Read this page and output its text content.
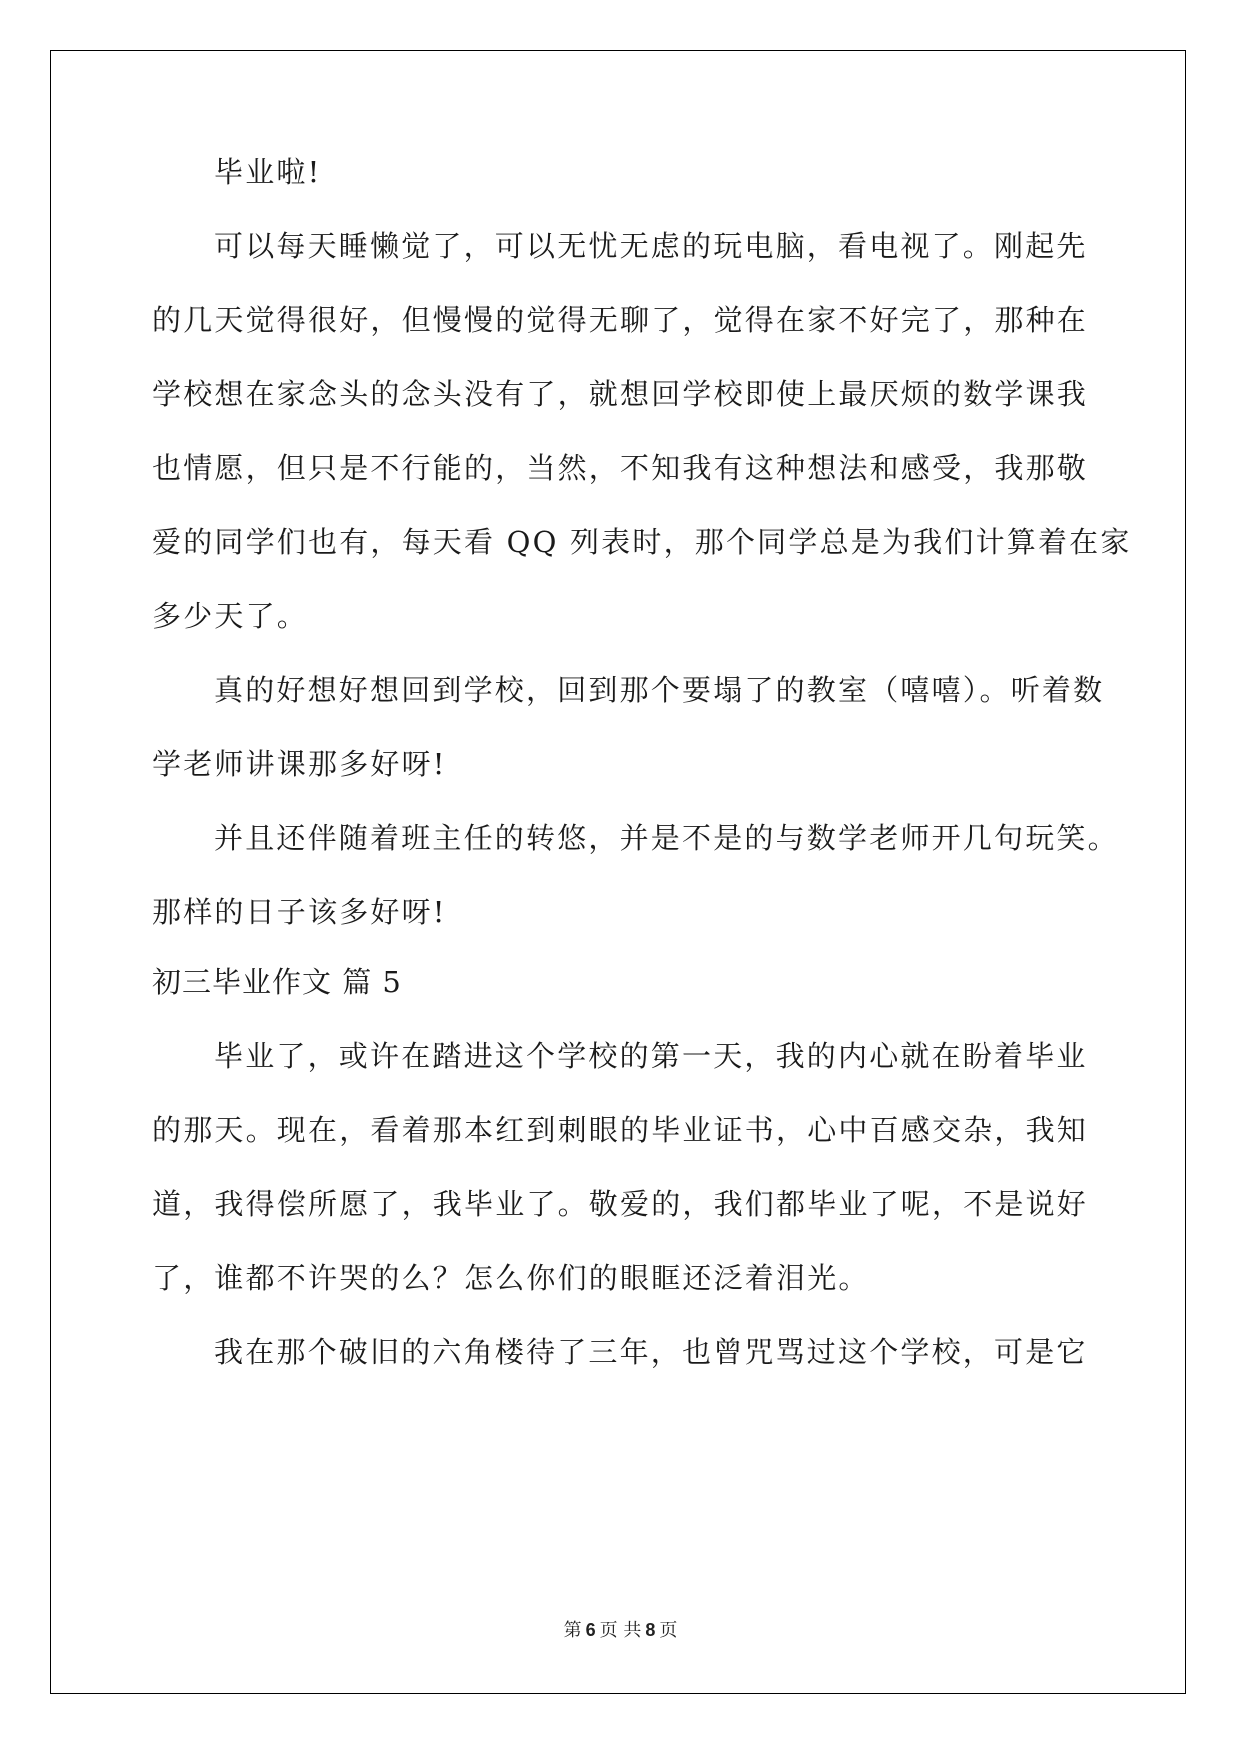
毕业啦!

可以每天睡懒觉了，可以无忧无虑的玩电脑，看电视了。刚起先

的几天觉得很好，但慢慢的觉得无聊了，觉得在家不好完了，那种在

学校想在家念头的念头没有了，就想回学校即使上最厌烦的数学课我

也情愿，但只是不行能的，当然，不知我有这种想法和感受，我那敬

爱的同学们也有，每天看 QQ 列表时，那个同学总是为我们计算着在家

多少天了。

真的好想好想回到学校，回到那个要塌了的教室（嘻嘻）。听着数

学老师讲课那多好呀!

并且还伴随着班主任的转悠，并是不是的与数学老师开几句玩笑。

那样的日子该多好呀!

初三毕业作文 篇 5

毕业了，或许在踏进这个学校的第一天，我的内心就在盼着毕业

的那天。现在，看着那本红到刺眼的毕业证书，心中百感交杂，我知

道，我得偿所愿了，我毕业了。敬爱的，我们都毕业了呢，不是说好

了，谁都不许哭的么？怎么你们的眼眶还泛着泪光。

我在那个破旧的六角楼待了三年，也曾咒骂过这个学校，可是它

第 6 页 共 8 页
